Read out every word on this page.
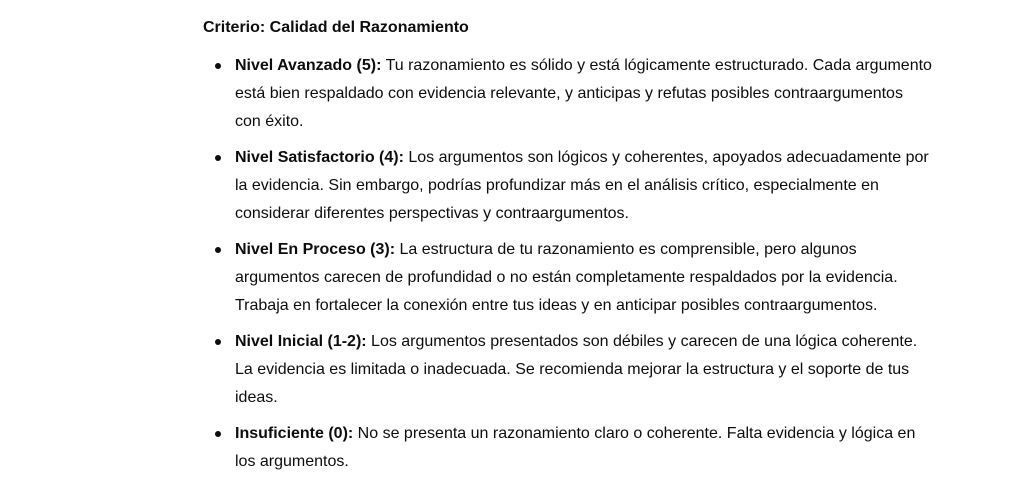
Criterio: Calidad del Razonamiento

Nivel Avanzado (5): Tu razonamiento es sólido y está lógicamente estructurado. Cada argumento está bien respaldado con evidencia relevante, y anticipas y refutas posibles contraargumentos con éxito.
Nivel Satisfactorio (4): Los argumentos son lógicos y coherentes, apoyados adecuadamente por la evidencia. Sin embargo, podrías profundizar más en el análisis crítico, especialmente en considerar diferentes perspectivas y contraargumentos.
Nivel En Proceso (3): La estructura de tu razonamiento es comprensible, pero algunos argumentos carecen de profundidad o no están completamente respaldados por la evidencia. Trabaja en fortalecer la conexión entre tus ideas y en anticipar posibles contraargumentos.
Nivel Inicial (1-2): Los argumentos presentados son débiles y carecen de una lógica coherente. La evidencia es limitada o inadecuada. Se recomienda mejorar la estructura y el soporte de tus ideas.
Insuficiente (0): No se presenta un razonamiento claro o coherente. Falta evidencia y lógica en los argumentos.
